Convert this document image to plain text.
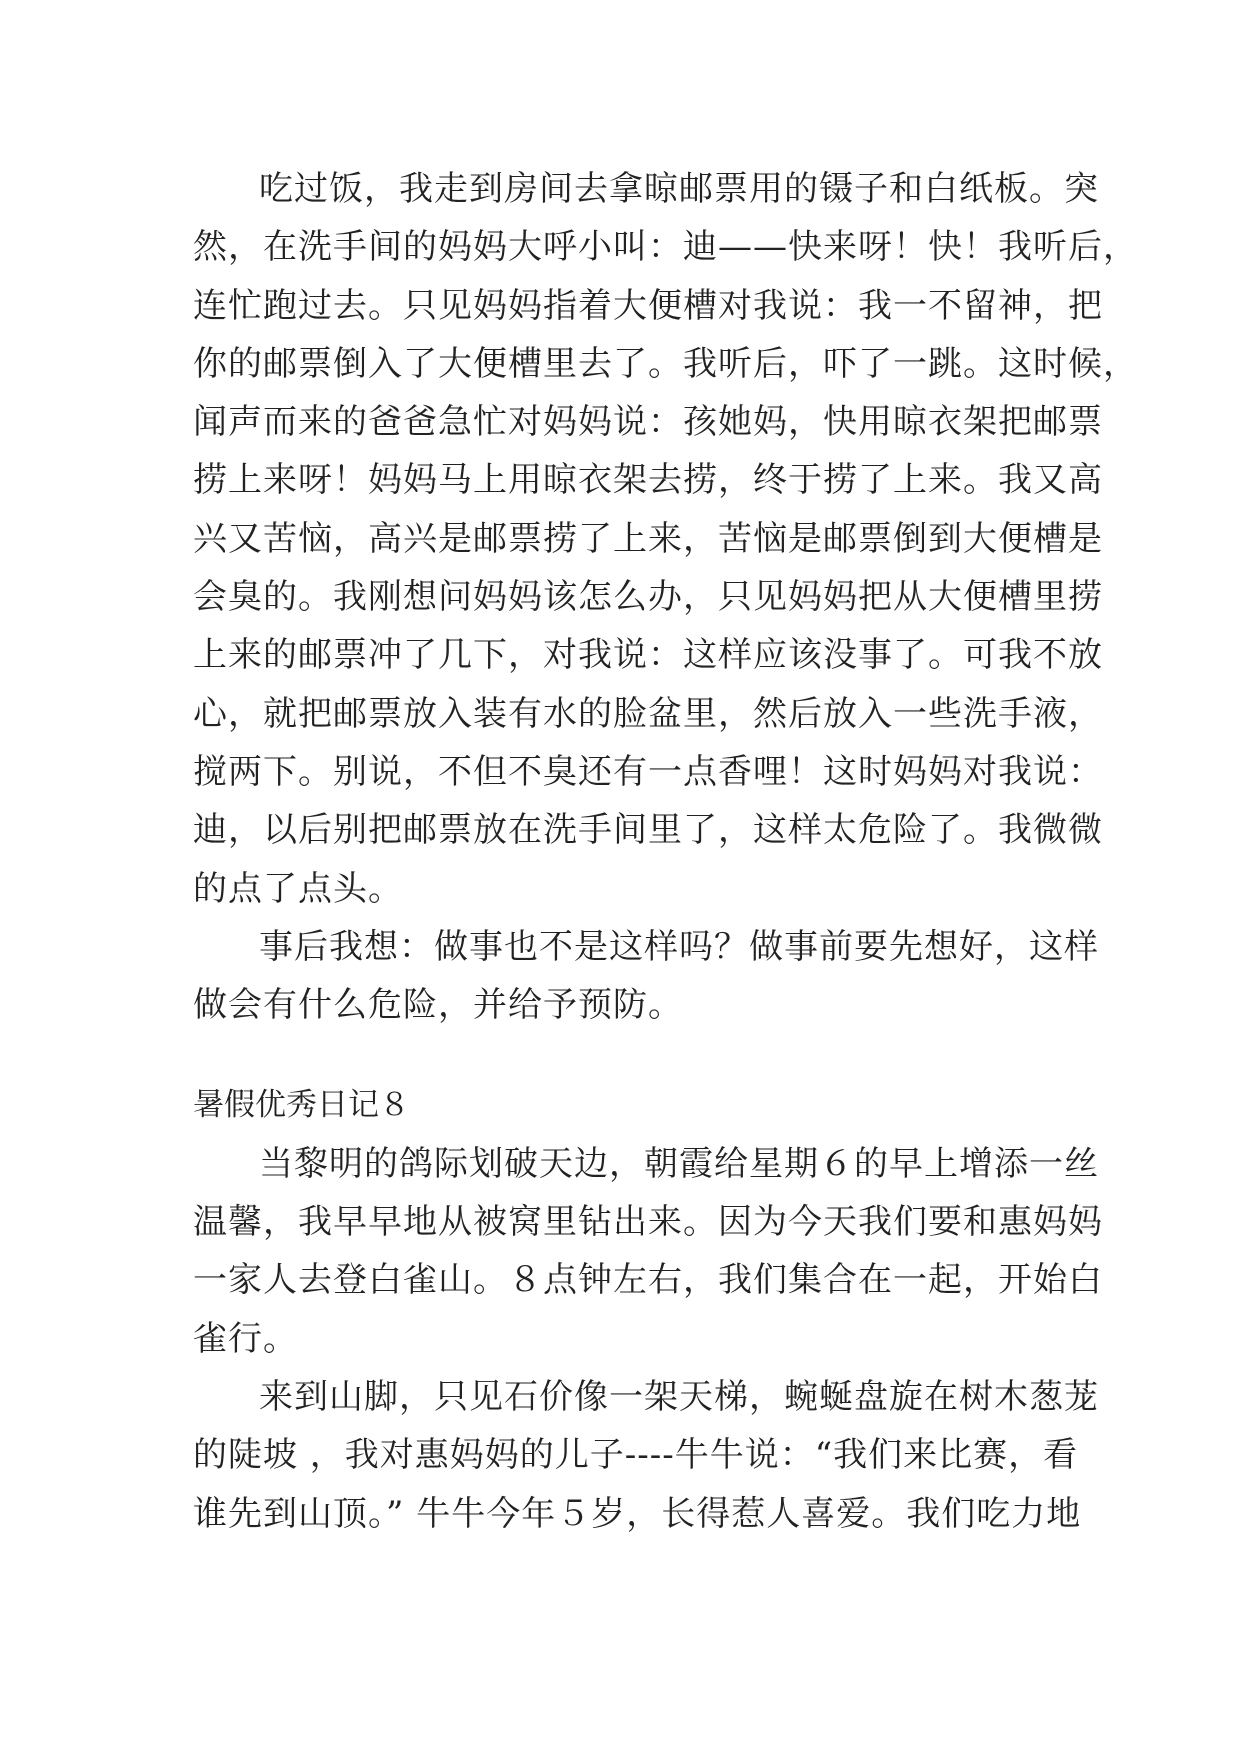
吃过饭，我走到房间去拿晾邮票用的镊子和白纸板。突
然，在洗手间的妈妈大呼小叫：迪——快来呀！快！我听后，
连忙跑过去。只见妈妈指着大便槽对我说：我一不留神，把
你的邮票倒入了大便槽里去了。我听后，吓了一跳。这时候，
闻声而来的爸爸急忙对妈妈说：孩她妈，快用晾衣架把邮票
捞上来呀！妈妈马上用晾衣架去捞，终于捞了上来。我又高
兴又苦恼，高兴是邮票捞了上来，苦恼是邮票倒到大便槽是
会臭的。我刚想问妈妈该怎么办，只见妈妈把从大便槽里捞
上来的邮票冲了几下，对我说：这样应该没事了。可我不放
心，就把邮票放入装有水的脸盆里，然后放入一些洗手液，
搅两下。别说，不但不臭还有一点香哩！这时妈妈对我说：
迪，以后别把邮票放在洗手间里了，这样太危险了。我微微
的点了点头。
事后我想：做事也不是这样吗？做事前要先想好，这样
做会有什么危险，并给予预防。
暑假优秀日记８
当黎明的鸽际划破天边，朝霞给星期６的早上增添一丝
温馨，我早早地从被窝里钻出来。因为今天我们要和惠妈妈
一家人去登白雀山。８点钟左右，我们集合在一起，开始白
雀行。
来到山脚，只见石价像一架天梯，蜿蜒盘旋在树木葱茏
的陡坡 ，我对惠妈妈的儿子----牛牛说：“我们来比赛，看
谁先到山顶。” 牛牛今年５岁，长得惹人喜爱。我们吃力地
